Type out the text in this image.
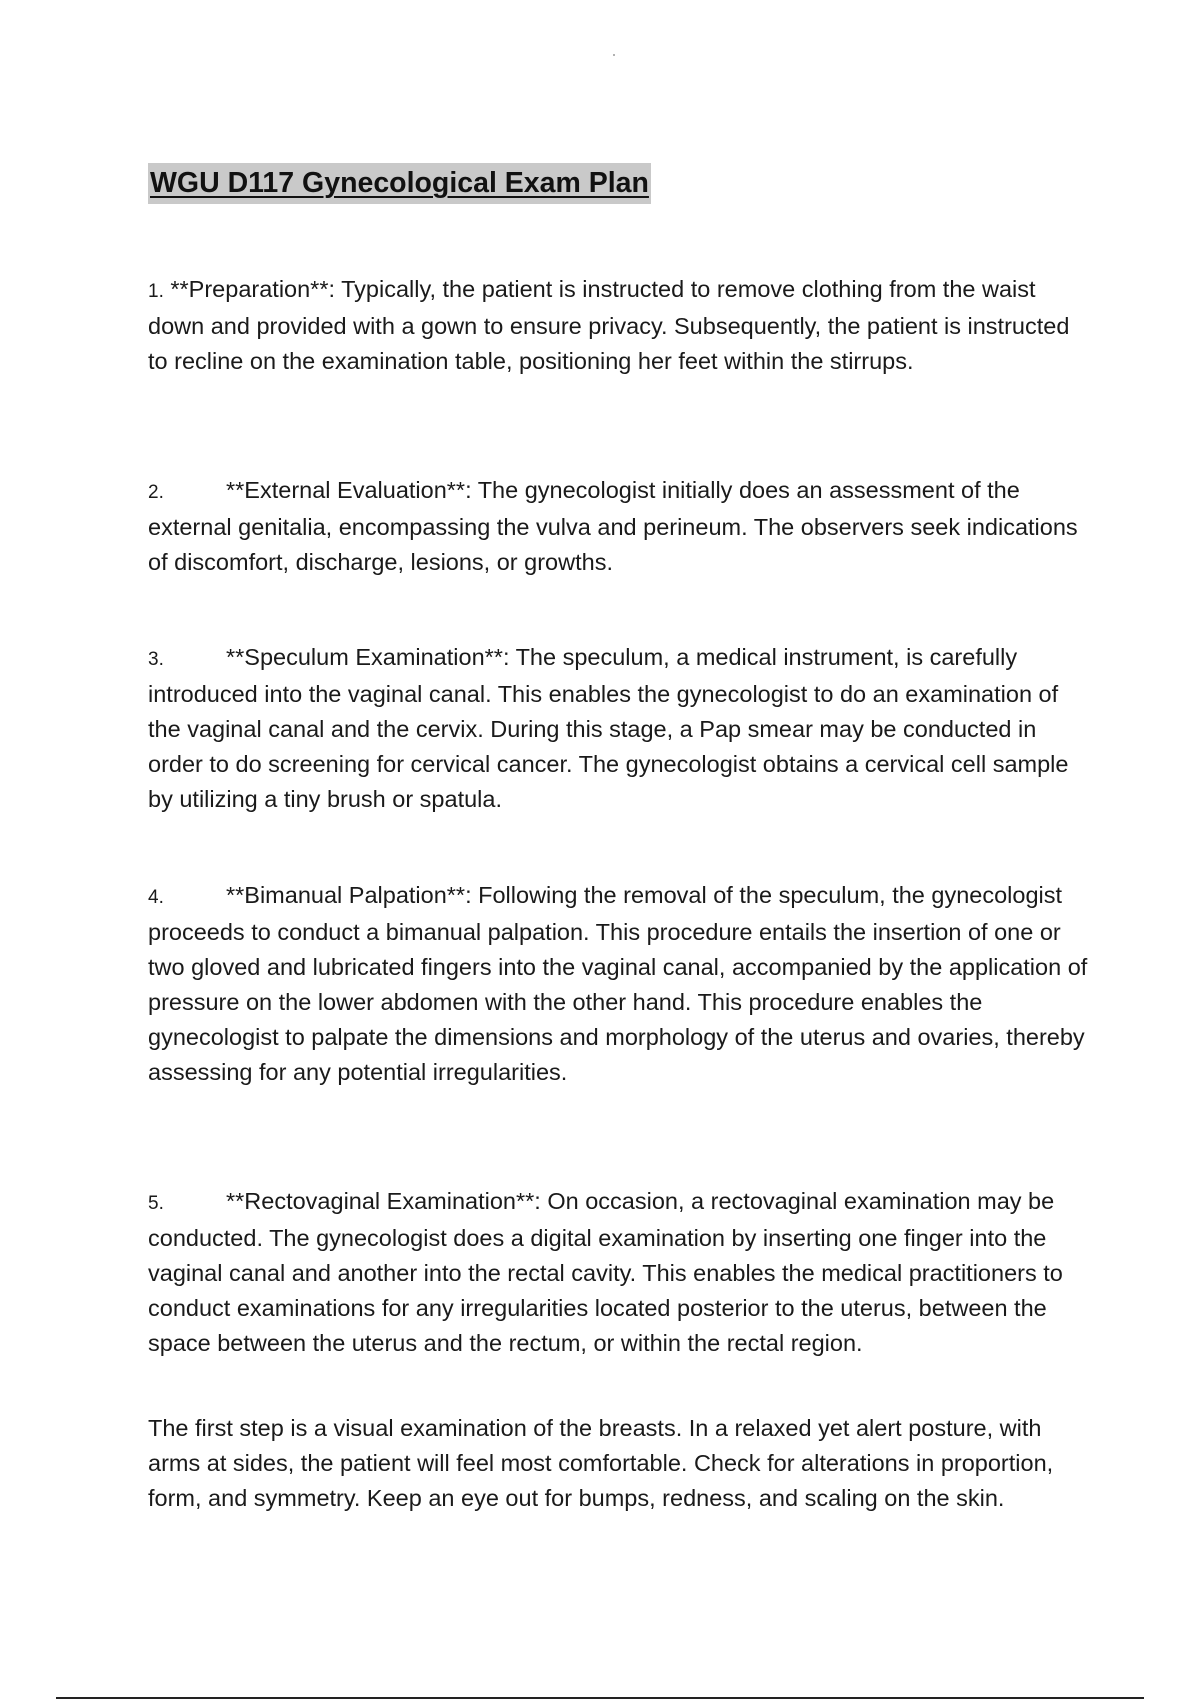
WGU D117 Gynecological Exam Plan

1. **Preparation**: Typically, the patient is instructed to remove clothing from the waist down and provided with a gown to ensure privacy. Subsequently, the patient is instructed to recline on the examination table, positioning her feet within the stirrups.

2.	**External Evaluation**: The gynecologist initially does an assessment of the external genitalia, encompassing the vulva and perineum. The observers seek indications of discomfort, discharge, lesions, or growths.

3.	**Speculum Examination**: The speculum, a medical instrument, is carefully introduced into the vaginal canal. This enables the gynecologist to do an examination of the vaginal canal and the cervix. During this stage, a Pap smear may be conducted in order to do screening for cervical cancer. The gynecologist obtains a cervical cell sample by utilizing a tiny brush or spatula.

4.	**Bimanual Palpation**: Following the removal of the speculum, the gynecologist proceeds to conduct a bimanual palpation. This procedure entails the insertion of one or two gloved and lubricated fingers into the vaginal canal, accompanied by the application of pressure on the lower abdomen with the other hand. This procedure enables the gynecologist to palpate the dimensions and morphology of the uterus and ovaries, thereby assessing for any potential irregularities.

5.	**Rectovaginal Examination**: On occasion, a rectovaginal examination may be conducted. The gynecologist does a digital examination by inserting one finger into the vaginal canal and another into the rectal cavity. This enables the medical practitioners to conduct examinations for any irregularities located posterior to the uterus, between the space between the uterus and the rectum, or within the rectal region.

The first step is a visual examination of the breasts. In a relaxed yet alert posture, with arms at sides, the patient will feel most comfortable. Check for alterations in proportion, form, and symmetry. Keep an eye out for bumps, redness, and scaling on the skin.
